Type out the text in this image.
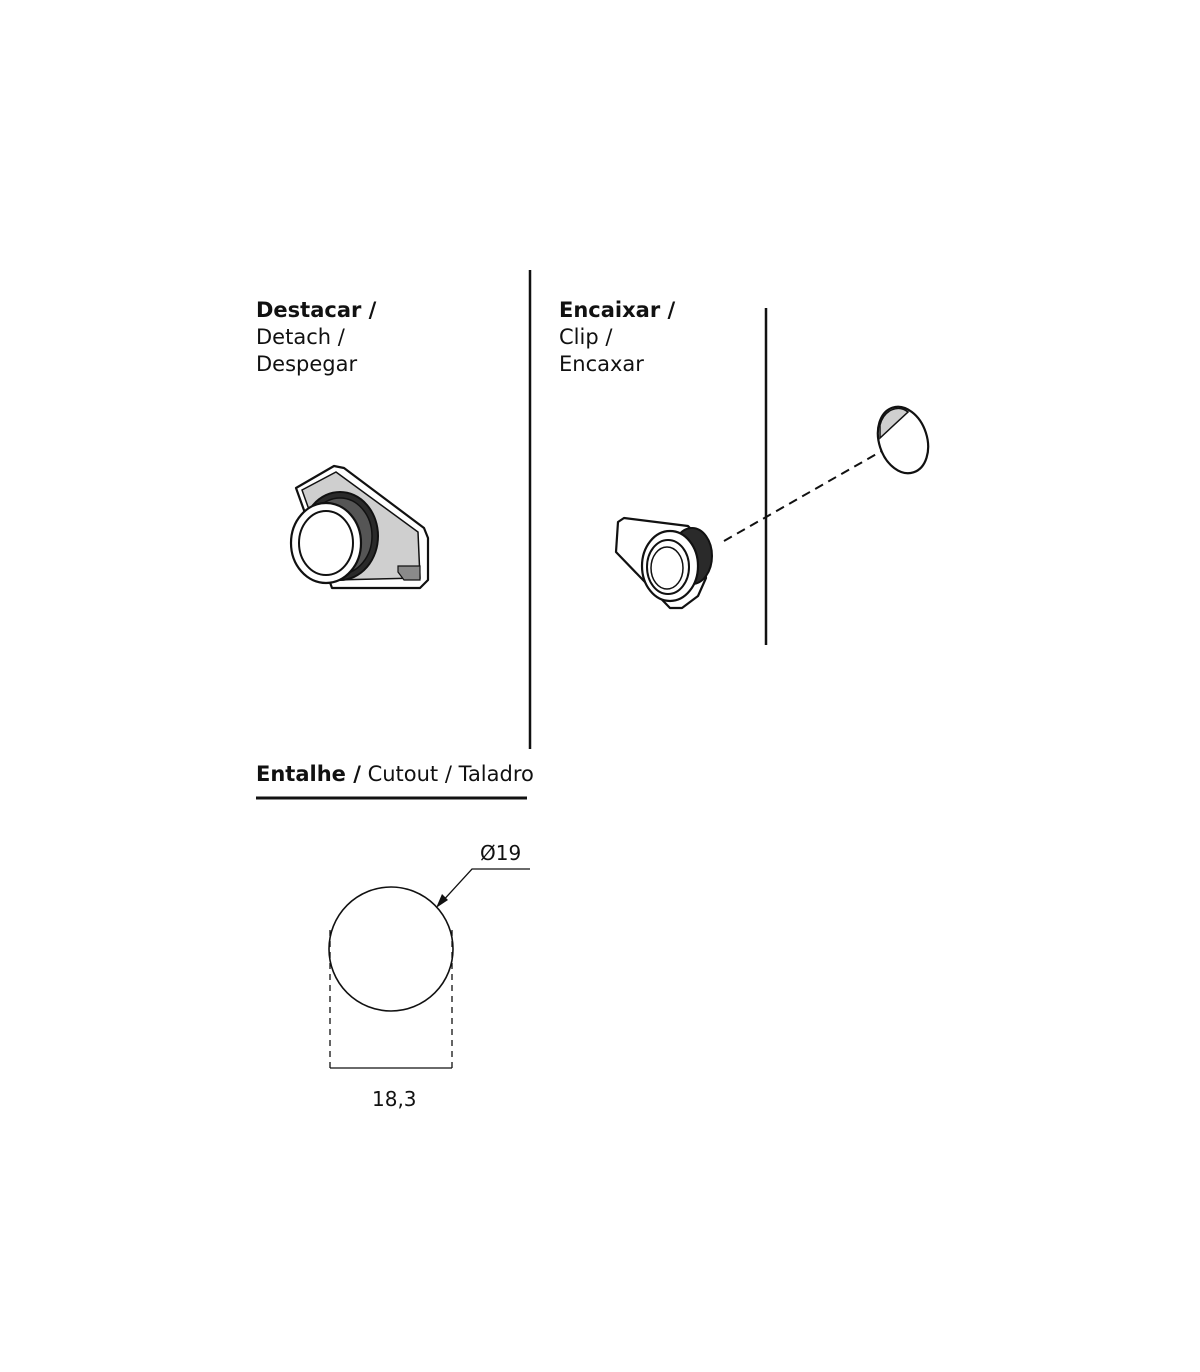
Destacar /
Detach /
Despegar
Encaixar /
Clip /
Encaxar
Entalhe / Cutout / Taladro
Ø19
18,3
